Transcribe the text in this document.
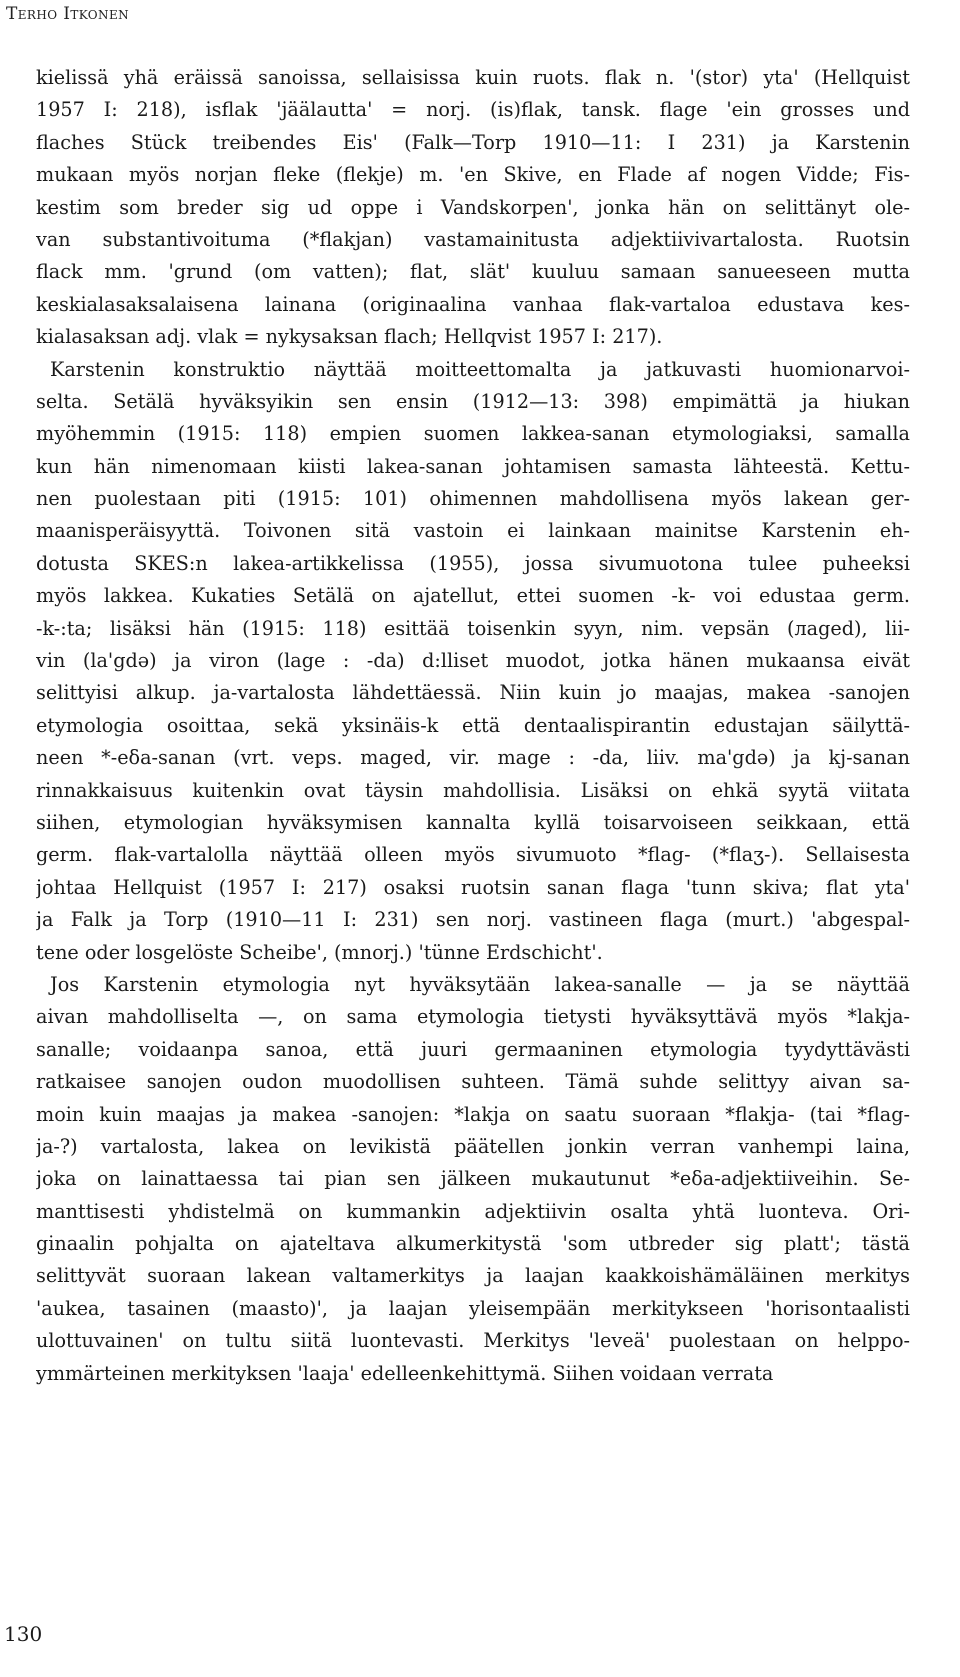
Terho Itkonen
kielissä yhä eräissä sanoissa, sellaisissa kuin ruots. flak n. '(stor) yta' (Hellquist
1957 I: 218), isflak 'jäälautta' = norj. (is)flak, tansk. flage 'ein grosses und
flaches Stück treibendes Eis' (Falk—Torp 1910—11: I 231) ja Karstenin
mukaan myös norjan fleke (flekje) m. 'en Skive, en Flade af nogen Vidde; Fis-
kestim som breder sig ud oppe i Vandskorpen', jonka hän on selittänyt ole-
van substantivoituma (*flakjan) vastamainitusta adjektiivivartalosta. Ruotsin
flack mm. 'grund (om vatten); flat, slät' kuuluu samaan sanueeseen mutta
keskialasaksalaisena lainana (originaalina vanhaa flak-vartaloa edustava kes-
kialasaksan adj. vlak = nykysaksan flach; Hellqvist 1957 I: 217).
Karstenin konstruktio näyttää moitteettomalta ja jatkuvasti huomionarvoi-
selta. Setälä hyväksyikin sen ensin (1912—13: 398) empimättä ja hiukan
myöhemmin (1915: 118) empien suomen lakkea-sanan etymologiaksi, samalla
kun hän nimenomaan kiisti lakea-sanan johtamisen samasta lähteestä. Kettu-
nen puolestaan piti (1915: 101) ohimennen mahdollisena myös lakean ger-
maanisperäisyyttä. Toivonen sitä vastoin ei lainkaan mainitse Karstenin eh-
dotusta SKES:n lakea-artikkelissa (1955), jossa sivumuotona tulee puheeksi
myös lakkea. Kukaties Setälä on ajatellut, ettei suomen -k- voi edustaa germ.
-k-:ta; lisäksi hän (1915: 118) esittää toisenkin syyn, nim. vepsän (лagеd), lii-
vin (la'gdə) ja viron (lage : -da) d:lliset muodot, jotka hänen mukaansa eivät
selittyisi alkup. ja-vartalosta lähdettäessä. Niin kuin jo maajas, makea -sanojen
etymologia osoittaa, sekä yksinäis-k että dentaalispirantin edustajan säilyttä-
neen *-eδa-sanan (vrt. veps. maged, vir. mage : -da, liiv. ma'gdə) ja kj-sanan
rinnakkaisuus kuitenkin ovat täysin mahdollisia. Lisäksi on ehkä syytä viitata
siihen, etymologian hyväksymisen kannalta kyllä toisarvoiseen seikkaan, että
germ. flak-vartalolla näyttää olleen myös sivumuoto *flag- (*flaʒ-). Sellaisesta
johtaa Hellquist (1957 I: 217) osaksi ruotsin sanan flaga 'tunn skiva; flat yta'
ja Falk ja Torp (1910—11 I: 231) sen norj. vastineen flaga (murt.) 'abgespal-
tene oder losgelöste Scheibe', (mnorj.) 'tünne Erdschicht'.
Jos Karstenin etymologia nyt hyväksytään lakea-sanalle — ja se näyttää
aivan mahdolliselta —, on sama etymologia tietysti hyväksyttävä myös *lakja-
sanalle; voidaanpa sanoa, että juuri germaaninen etymologia tyydyttävästi
ratkaisee sanojen oudon muodollisen suhteen. Tämä suhde selittyy aivan sa-
moin kuin maajas ja makea -sanojen: *lakja on saatu suoraan *flakja- (tai *flag-
ja-?) vartalosta, lakea on levikistä päätellen jonkin verran vanhempi laina,
joka on lainattaessa tai pian sen jälkeen mukautunut *eδa-adjektiiveihin. Se-
manttisesti yhdistelmä on kummankin adjektiivin osalta yhtä luonteva. Ori-
ginaalin pohjalta on ajateltava alkumerkitystä 'som utbreder sig platt'; tästä
selittyvät suoraan lakean valtamerkitys ja laajan kaakkoishämäläinen merkitys
'aukea, tasainen (maasto)', ja laajan yleisempään merkitykseen 'horisontaalisti
ulottuvainen' on tultu siitä luontevasti. Merkitys 'leveä' puolestaan on helppo-
ymmärteinen merkityksen 'laaja' edelleenkehittymä. Siihen voidaan verrata
130
